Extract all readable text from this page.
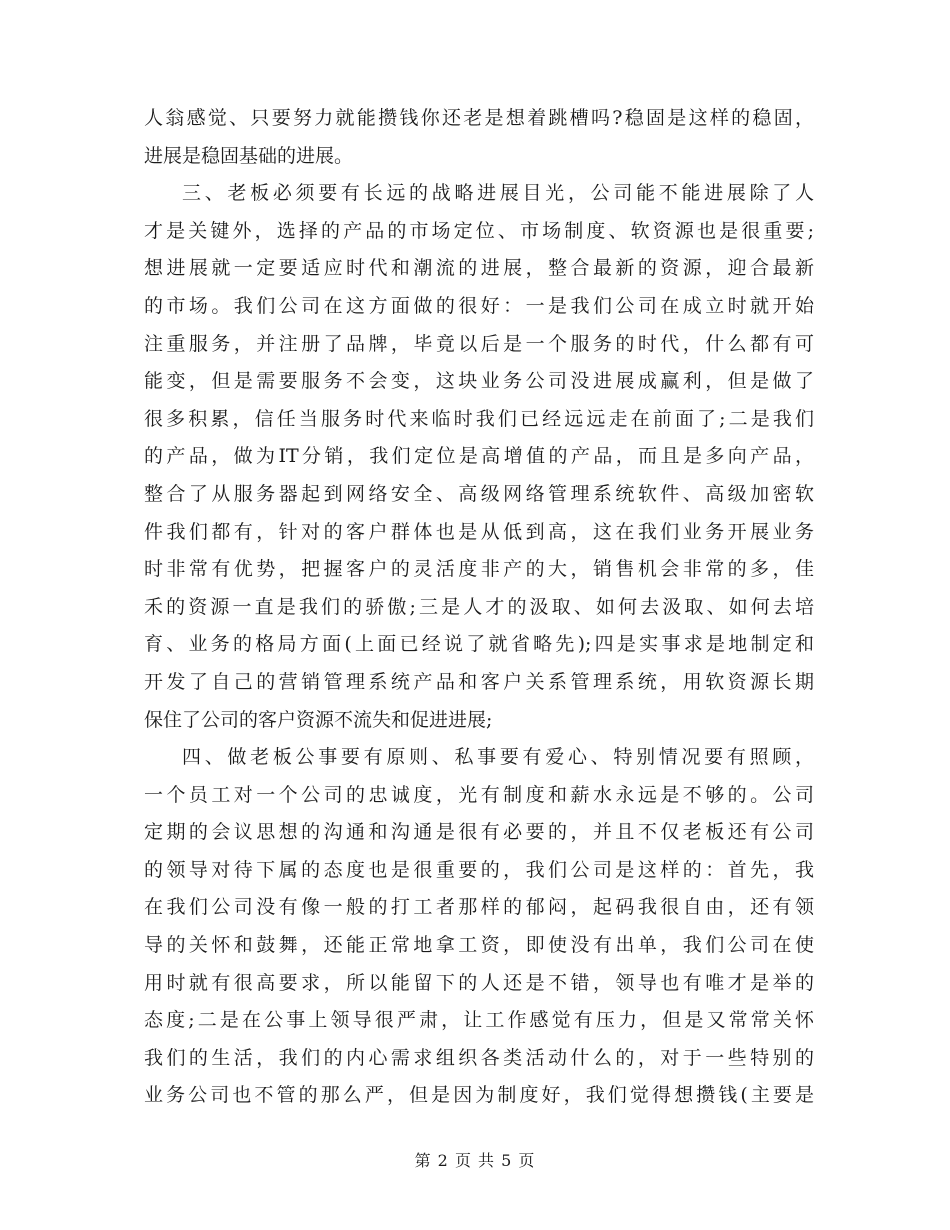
人翁感觉、只要努力就能攒钱你还老是想着跳槽吗?稳固是这样的稳固，
进展是稳固基础的进展。
三、老板必须要有长远的战略进展目光，公司能不能进展除了人
才是关键外，选择的产品的市场定位、市场制度、软资源也是很重要;
想进展就一定要适应时代和潮流的进展，整合最新的资源，迎合最新
的市场。我们公司在这方面做的很好：一是我们公司在成立时就开始
注重服务，并注册了品牌，毕竟以后是一个服务的时代，什么都有可
能变，但是需要服务不会变，这块业务公司没进展成赢利，但是做了
很多积累，信任当服务时代来临时我们已经远远走在前面了;二是我们
的产品，做为IT分销，我们定位是高增值的产品，而且是多向产品，
整合了从服务器起到网络安全、高级网络管理系统软件、高级加密软
件我们都有，针对的客户群体也是从低到高，这在我们业务开展业务
时非常有优势，把握客户的灵活度非产的大，销售机会非常的多，佳
禾的资源一直是我们的骄傲;三是人才的汲取、如何去汲取、如何去培
育、业务的格局方面(上面已经说了就省略先);四是实事求是地制定和
开发了自己的营销管理系统产品和客户关系管理系统，用软资源长期
保住了公司的客户资源不流失和促进进展;
四、做老板公事要有原则、私事要有爱心、特别情况要有照顾，
一个员工对一个公司的忠诚度，光有制度和薪水永远是不够的。公司
定期的会议思想的沟通和沟通是很有必要的，并且不仅老板还有公司
的领导对待下属的态度也是很重要的，我们公司是这样的：首先，我
在我们公司没有像一般的打工者那样的郁闷，起码我很自由，还有领
导的关怀和鼓舞，还能正常地拿工资，即使没有出单，我们公司在使
用时就有很高要求，所以能留下的人还是不错，领导也有唯才是举的
态度;二是在公事上领导很严肃，让工作感觉有压力，但是又常常关怀
我们的生活，我们的内心需求组织各类活动什么的，对于一些特别的
业务公司也不管的那么严，但是因为制度好，我们觉得想攒钱(主要是
第 2 页 共 5 页
